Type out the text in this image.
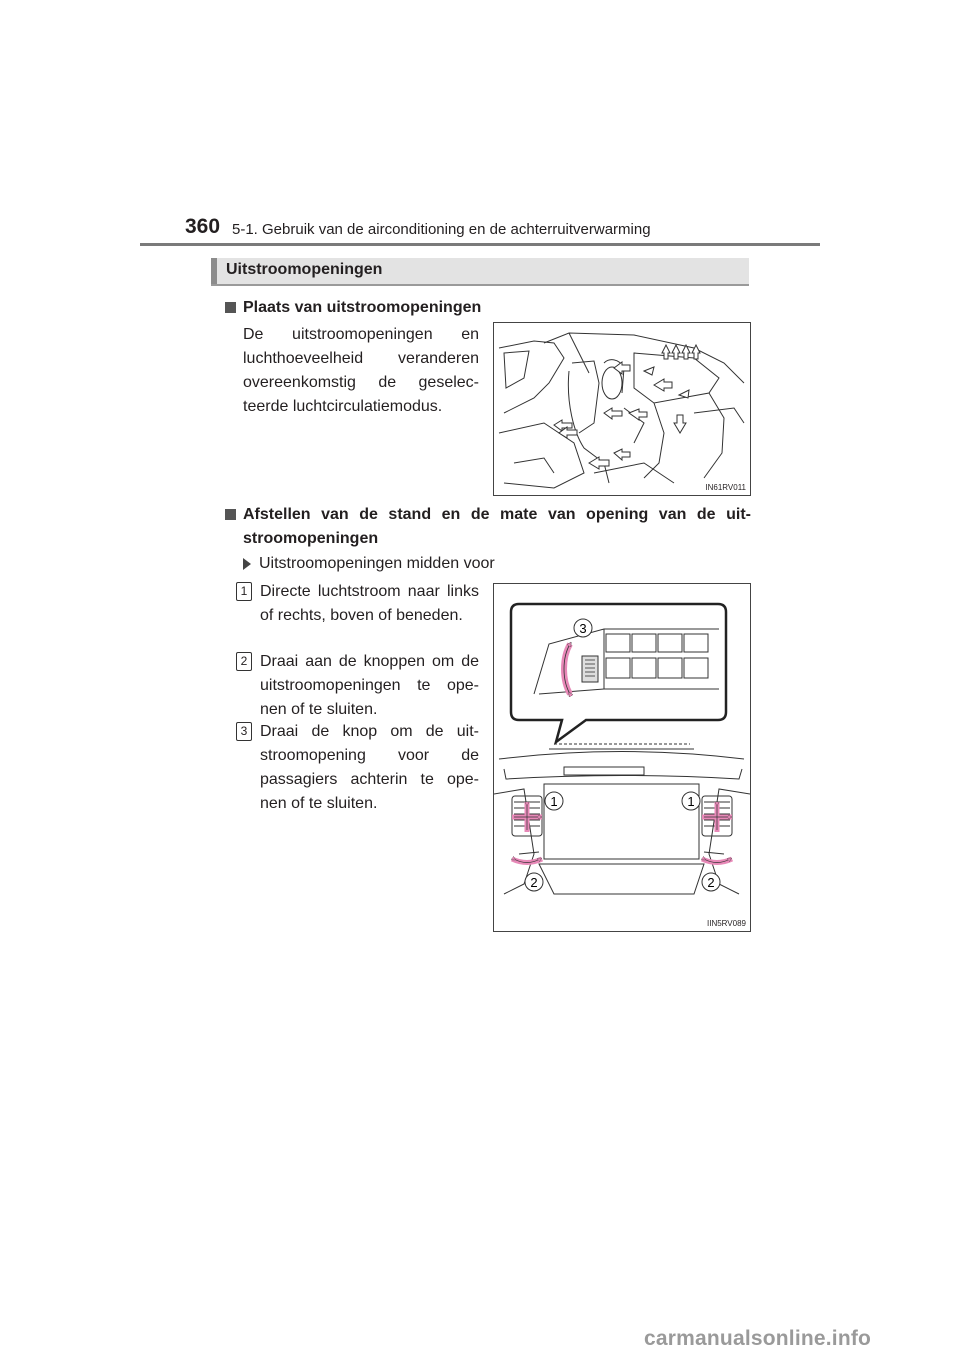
360 5-1. Gebruik van de airconditioning en de achterruitverwarming
Uitstroomopeningen
Plaats van uitstroomopeningen
De uitstroomopeningen en luchthoeveelheid veranderen overeenkomstig de geselec-teerde luchtcirculatiemodus.
IN61RV011
Afstellen van de stand en de mate van opening van de uit-stroomopeningen
Uitstroomopeningen midden voor
1 Directe luchtstroom naar links of rechts, boven of beneden.
2 Draai aan de knoppen om de uitstroomopeningen te ope-nen of te sluiten.
3 Draai de knop om de uit-stroomopening voor de passagiers achterin te ope-nen of te sluiten.
3
1	1
2	2
IIN5RV089
carmanualsonline.info
